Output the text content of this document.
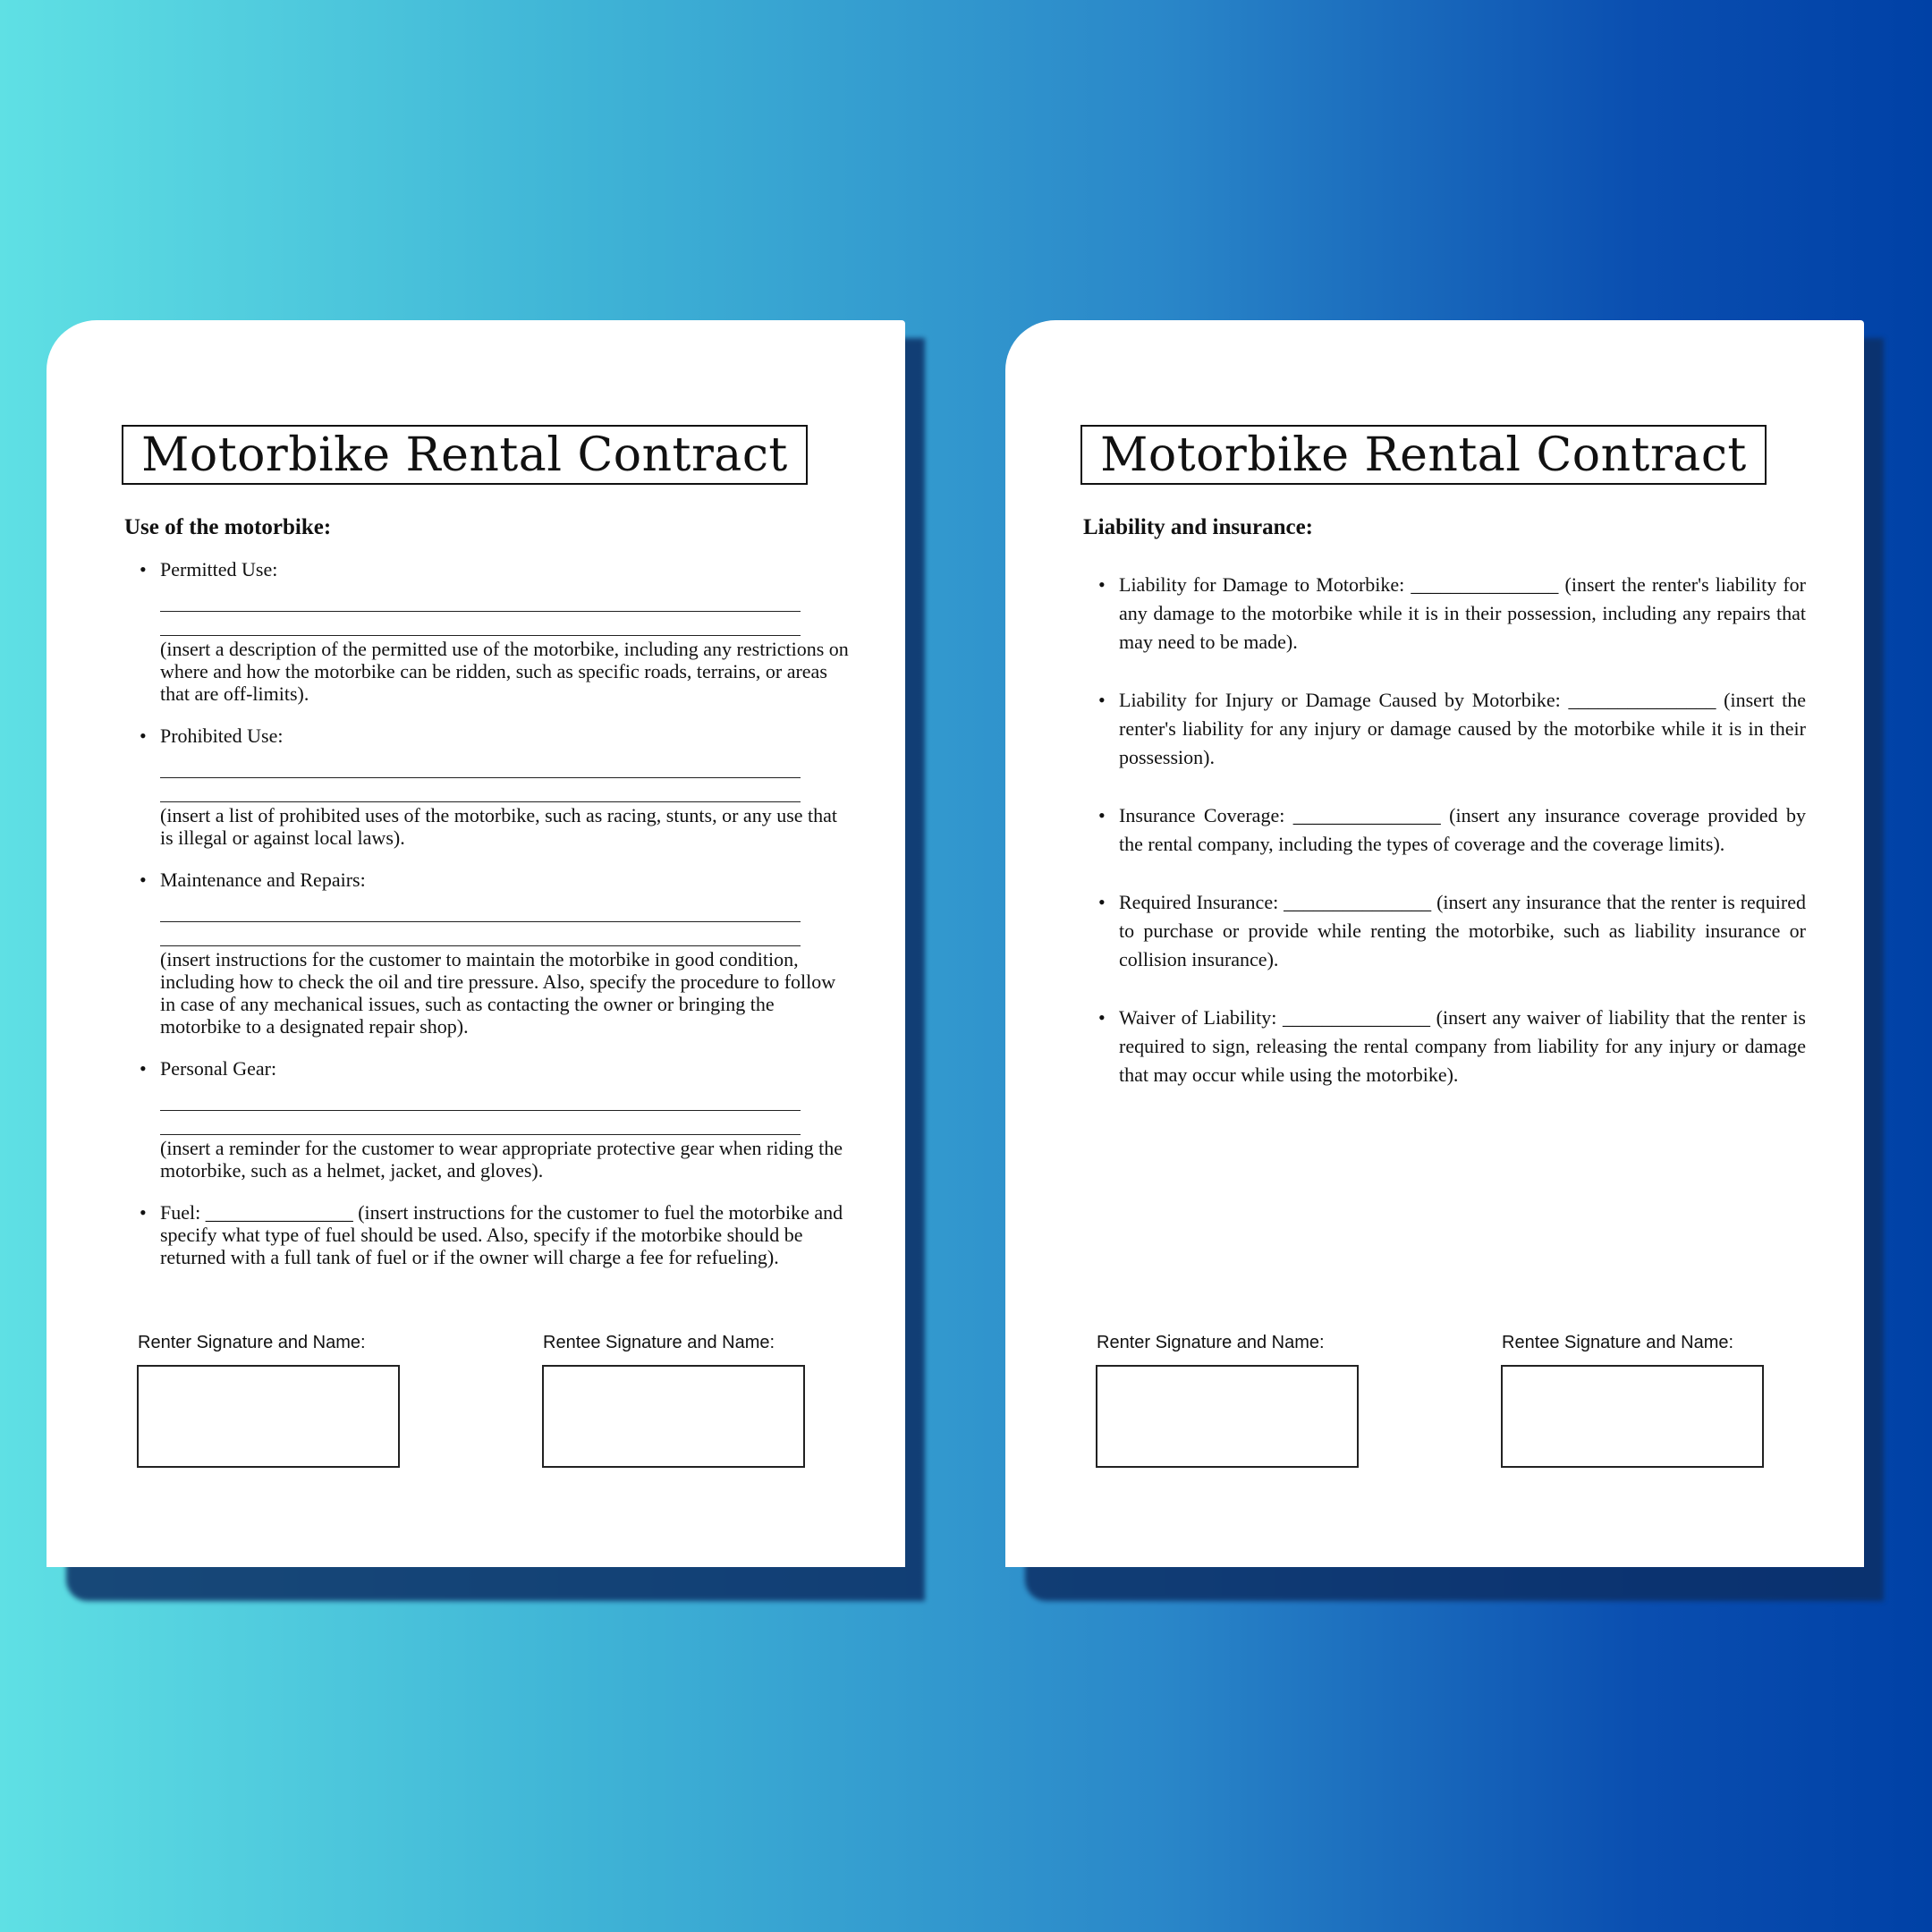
Motorbike Rental Contract
Use of the motorbike:
• Permitted Use:
(insert a description of the permitted use of the motorbike, including any restrictions on where and how the motorbike can be ridden, such as specific roads, terrains, or areas that are off-limits).
• Prohibited Use:
(insert a list of prohibited uses of the motorbike, such as racing, stunts, or any use that is illegal or against local laws).
• Maintenance and Repairs:
(insert instructions for the customer to maintain the motorbike in good condition, including how to check the oil and tire pressure. Also, specify the procedure to follow in case of any mechanical issues, such as contacting the owner or bringing the motorbike to a designated repair shop).
• Personal Gear:
(insert a reminder for the customer to wear appropriate protective gear when riding the motorbike, such as a helmet, jacket, and gloves).
• Fuel: _______________ (insert instructions for the customer to fuel the motorbike and specify what type of fuel should be used. Also, specify if the motorbike should be returned with a full tank of fuel or if the owner will charge a fee for refueling).
Renter Signature and Name:	Rentee Signature and Name:
Motorbike Rental Contract
Liability and insurance:
• Liability for Damage to Motorbike: _______________ (insert the renter's liability for any damage to the motorbike while it is in their possession, including any repairs that may need to be made).
• Liability for Injury or Damage Caused by Motorbike: _______________ (insert the renter's liability for any injury or damage caused by the motorbike while it is in their possession).
• Insurance Coverage: _______________ (insert any insurance coverage provided by the rental company, including the types of coverage and the coverage limits).
• Required Insurance: _______________ (insert any insurance that the renter is required to purchase or provide while renting the motorbike, such as liability insurance or collision insurance).
• Waiver of Liability: _______________ (insert any waiver of liability that the renter is required to sign, releasing the rental company from liability for any injury or damage that may occur while using the motorbike).
Renter Signature and Name:	Rentee Signature and Name:
